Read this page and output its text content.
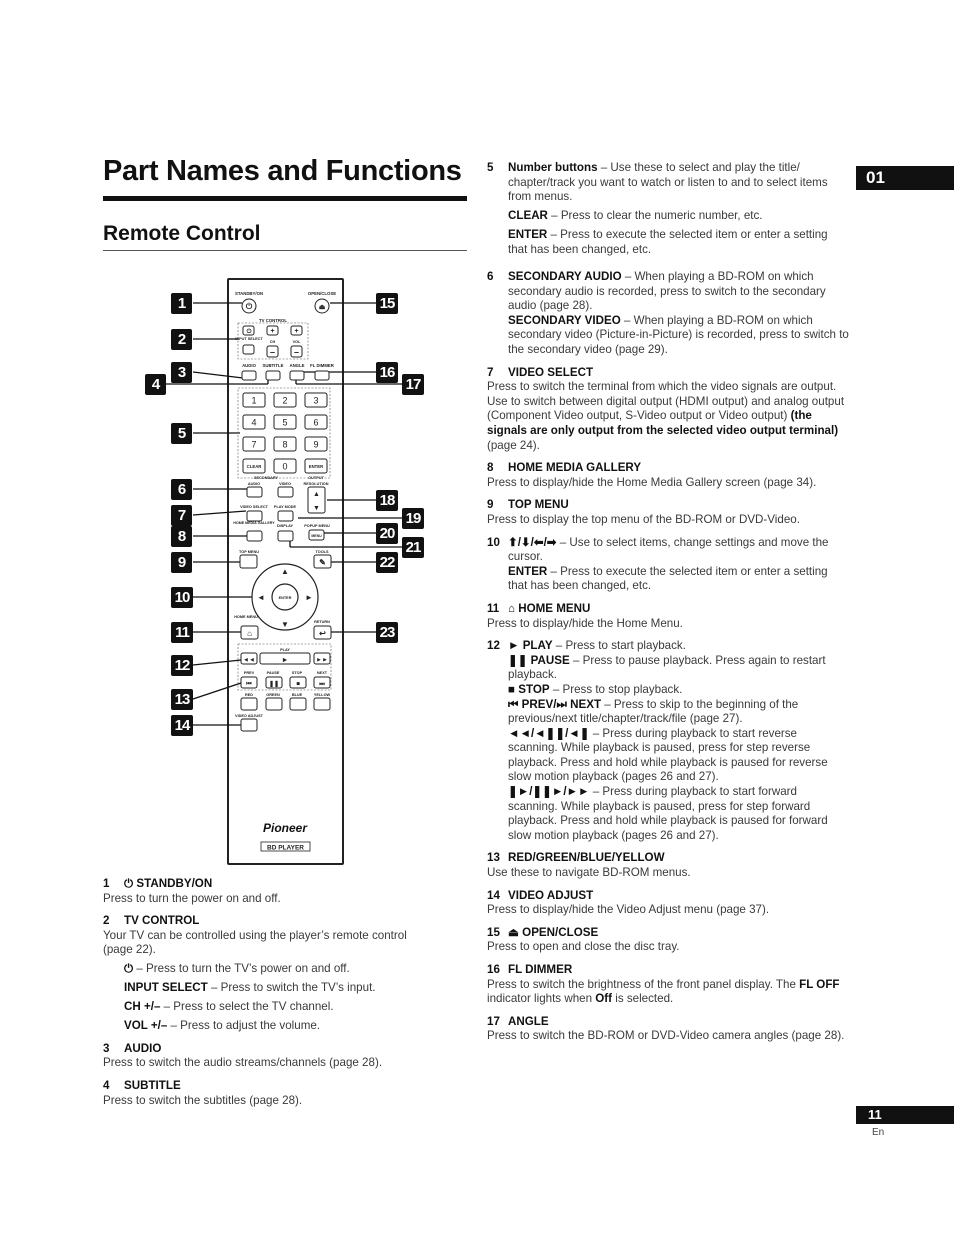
Part Names and Functions
Remote Control
01
11
En
STANDBY/ON	OPEN/CLOSE
⏻	⏏
TV CONTROL
⏻	+	+
INPUT SELECT
CH	VOL
– –
AUDIO SUBTITLE ANGLE FL DIMMER
1	2	3
4	5	6
7	8	9
CLEAR 0	ENTER
SECONDARY	OUTPUT
AUDIO	VIDEO	RESOLUTION
▲
▼
VIDEO SELECT PLAY MODE
HOME MEDIA GALLERY
DISPLAY	POPUP MENU
MENU
TOP MENU	TOOLS
✎
ENTER
▲
▼
◄	►
HOME MENU
RETURN
⌂	↩
PLAY
◄◄	►	►►
PREV	PAUSE	STOP	NEXT
⏮	❚❚	■	⏭
RED	GREEN	BLUE	YELLOW
VIDEO ADJUST
Pioneer
BD PLAYER
1
2
3
4
5
6
7
8
9
10
11
12
13
14
15
16
17
18
19
20
21
22
23

1 ⏻ STANDBY/ON

Press to turn the power on and off.

2 TV CONTROL

Your TV can be controlled using the player’s remote control (page 22).

⏻ – Press to turn the TV’s power on and off.

INPUT SELECT – Press to switch the TV’s input.

CH +/– – Press to select the TV channel.

VOL +/– – Press to adjust the volume.

3 AUDIO

Press to switch the audio streams/channels (page 28).

4 SUBTITLE

Press to switch the subtitles (page 28).

5	Number buttons – Use these to select and play the title/ chapter/track you want to watch or listen to and to select items from menus.

CLEAR – Press to clear the numeric number, etc.

ENTER – Press to execute the selected item or enter a setting that has been changed, etc.

6	SECONDARY AUDIO – When playing a BD-ROM on which secondary audio is recorded, press to switch to the secondary audio (page 28).

SECONDARY VIDEO – When playing a BD-ROM on which secondary video (Picture-in-Picture) is recorded, press to switch to the secondary video (page 29).

7 VIDEO SELECT

Press to switch the terminal from which the video signals are output. Use to switch between digital output (HDMI output) and analog output (Component Video output, S-Video output or Video output) (the signals are only output from the selected video output terminal) (page 24).

8 HOME MEDIA GALLERY

Press to display/hide the Home Media Gallery screen (page 34).

9 TOP MENU

Press to display the top menu of the BD-ROM or DVD-Video.

10 ⬆/⬇/⬅/➡ – Use to select items, change settings and move the cursor.

ENTER – Press to execute the selected item or enter a setting that has been changed, etc.

11 ⌂ HOME MENU

Press to display/hide the Home Menu.

12 ► PLAY – Press to start playback.

❚❚ PAUSE – Press to pause playback. Press again to restart playback.

■ STOP – Press to stop playback.

⏮ PREV/⏭ NEXT – Press to skip to the beginning of the previous/next title/chapter/track/file (page 27).

◄◄/◄❚❚/◄❚ – Press during playback to start reverse scanning. While playback is paused, press for step reverse playback. Press and hold while playback is paused for reverse slow motion playback (pages 26 and 27).

❚►/❚❚►/►► – Press during playback to start forward scanning. While playback is paused, press for step forward playback. Press and hold while playback is paused for forward slow motion playback (pages 26 and 27).

13 RED/GREEN/BLUE/YELLOW

Use these to navigate BD-ROM menus.

14 VIDEO ADJUST

Press to display/hide the Video Adjust menu (page 37).

15 ⏏ OPEN/CLOSE

Press to open and close the disc tray.

16 FL DIMMER

Press to switch the brightness of the front panel display. The FL OFF indicator lights when Off is selected.

17 ANGLE

Press to switch the BD-ROM or DVD-Video camera angles (page 28).
